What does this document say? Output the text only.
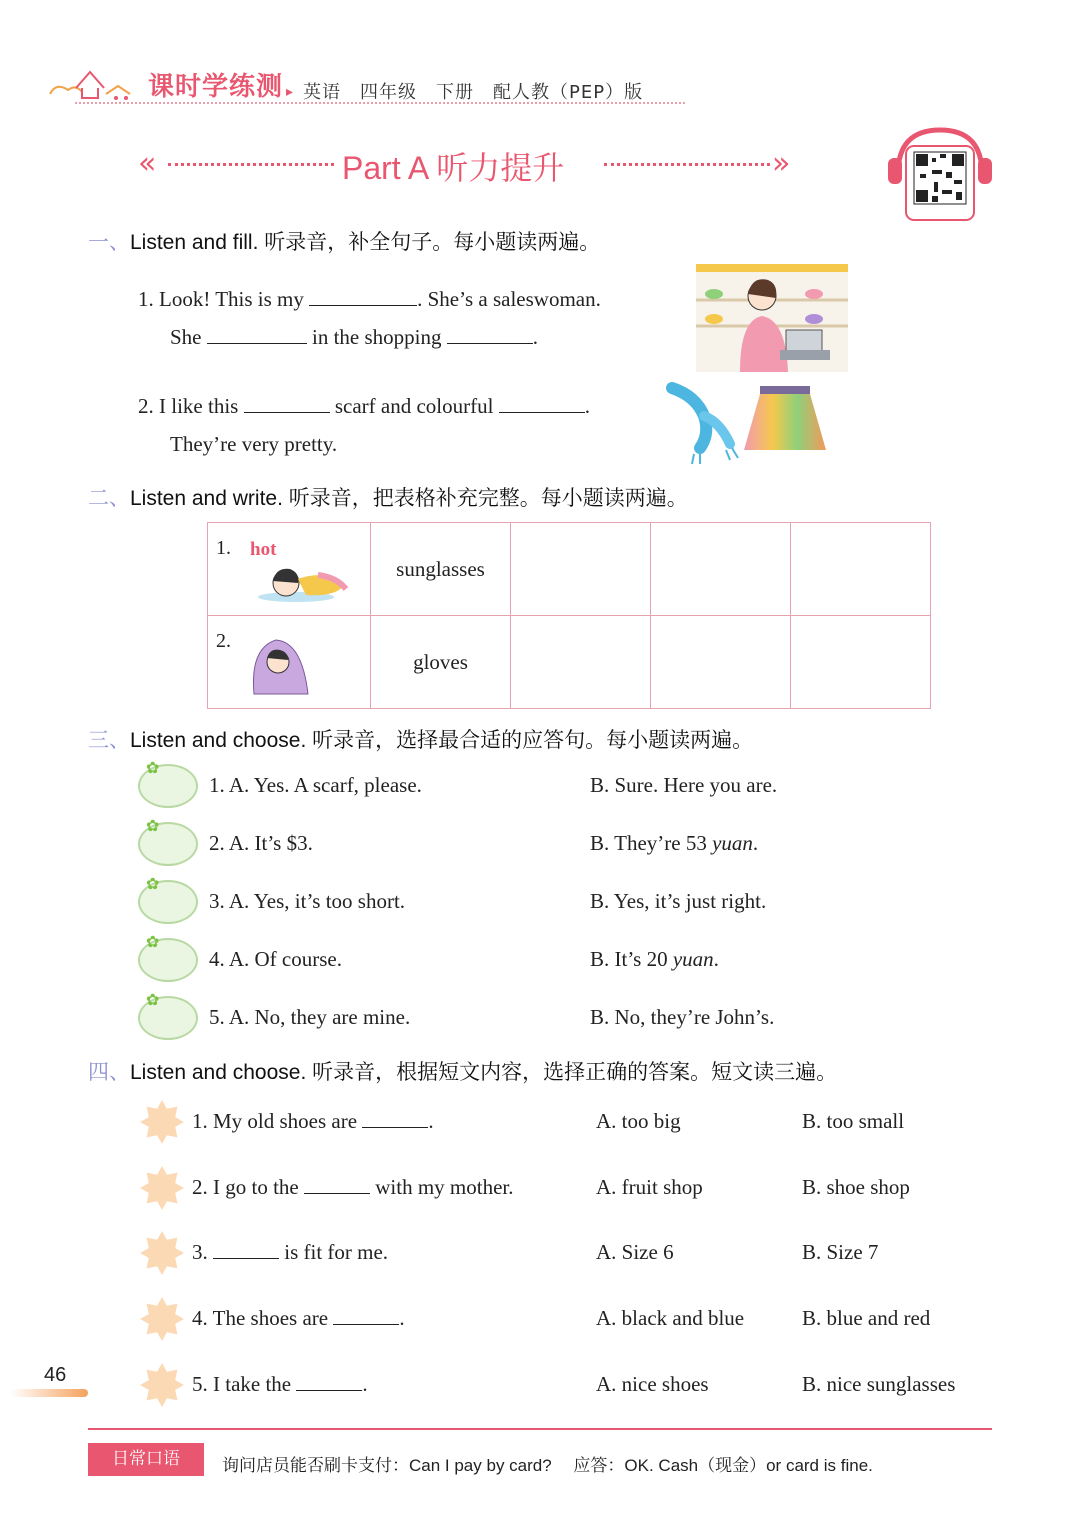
课时学练测 ▸ 英语　四年级　下册　配人教（PEP）版
«	Part A 听力提升	»
一、Listen and fill. 听录音，补全句子。每小题读两遍。
1. Look! This is my	. She’s a saleswoman.
She	in the shopping	.
2. I like this	scarf and colourful	.
They’re very pretty.
二、Listen and write. 听录音，把表格补充完整。每小题读两遍。
1. hot	sunglasses			

2.	gloves			
三、Listen and choose. 听录音，选择最合适的应答句。每小题读两遍。
✿
1. A. Yes. A scarf, please.	B. Sure. Here you are.
✿
2. A. It’s $3.	B. They’re 53 yuan.
✿
3. A. Yes, it’s too short.	B. Yes, it’s just right.
✿
4. A. Of course.	B. It’s 20 yuan.
✿
5. A. No, they are mine.	B. No, they’re John’s.
四、Listen and choose. 听录音，根据短文内容，选择正确的答案。短文读三遍。
1. My old shoes are	.	A. too big	B. too small
2. I go to the	with my mother.	A. fruit shop	B. shoe shop
3.	is fit for me.	A. Size 6	B. Size 7
4. The shoes are	.	A. black and blue	B. blue and red
5. I take the	.	A. nice shoes	B. nice sunglasses
46
日常口语	询问店员能否刷卡支付：Can I pay by card?　 应答：OK. Cash（现金）or card is fine.
